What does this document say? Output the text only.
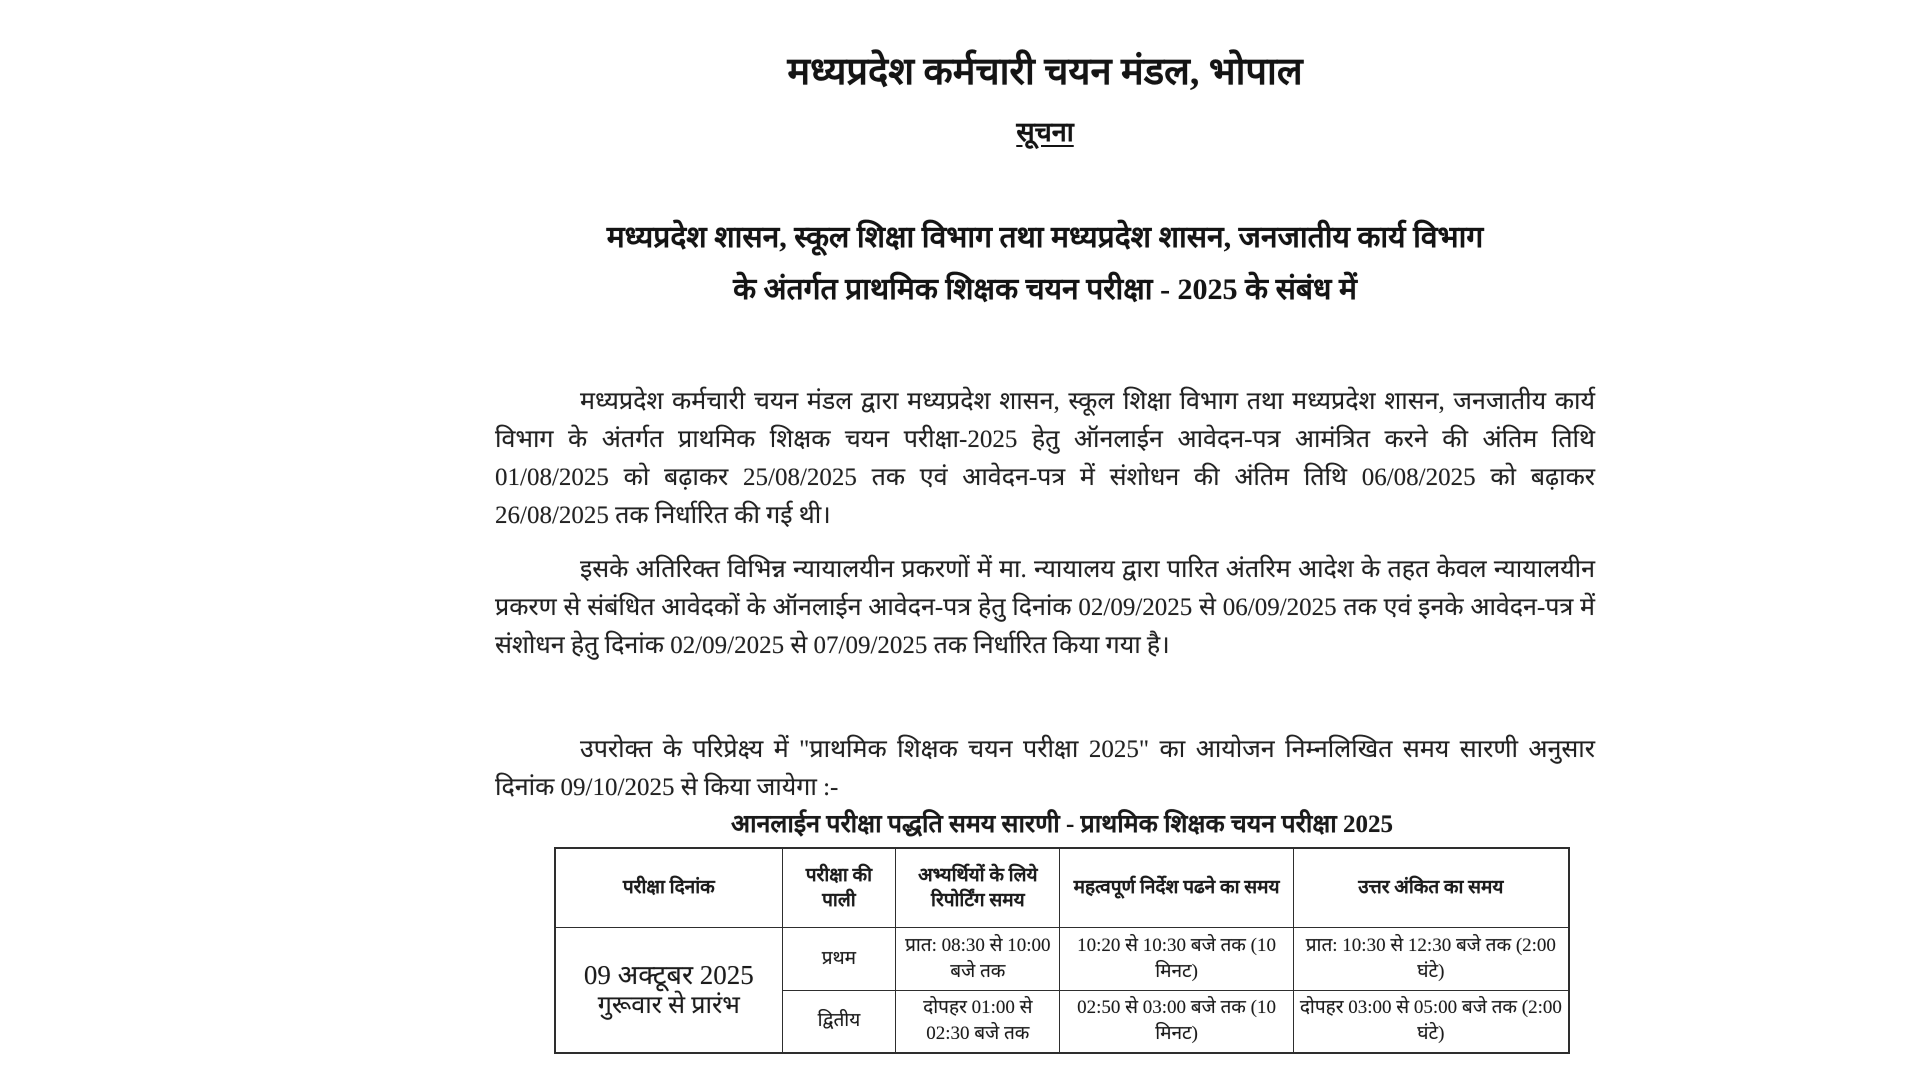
मध्यप्रदेश कर्मचारी चयन मंडल, भोपाल
सूचना
मध्यप्रदेश शासन, स्कूल शिक्षा विभाग तथा मध्यप्रदेश शासन, जनजातीय कार्य विभाग
के अंतर्गत प्राथमिक शिक्षक चयन परीक्षा - 2025 के संबंध में

मध्यप्रदेश कर्मचारी चयन मंडल द्वारा मध्यप्रदेश शासन, स्कूल शिक्षा विभाग तथा मध्यप्रदेश शासन, जनजातीय कार्य विभाग के अंतर्गत प्राथमिक शिक्षक चयन परीक्षा-2025 हेतु ऑनलाईन आवेदन-पत्र आमंत्रित करने की अंतिम तिथि 01/08/2025 को बढ़ाकर 25/08/2025 तक एवं आवेदन-पत्र में संशोधन की अंतिम तिथि 06/08/2025 को बढ़ाकर 26/08/2025 तक निर्धारित की गई थी।

इसके अतिरिक्त विभिन्न न्यायालयीन प्रकरणों में मा. न्यायालय द्वारा पारित अंतरिम आदेश के तहत केवल न्यायालयीन प्रकरण से संबंधित आवेदकों के ऑनलाईन आवेदन-पत्र हेतु दिनांक 02/09/2025 से 06/09/2025 तक एवं इनके आवेदन-पत्र में संशोधन हेतु दिनांक 02/09/2025 से 07/09/2025 तक निर्धारित किया गया है।

उपरोक्त के परिप्रेक्ष्य में "प्राथमिक शिक्षक चयन परीक्षा 2025" का आयोजन निम्नलिखित समय सारणी अनुसार दिनांक 09/10/2025 से किया जायेगा :-

आनलाईन परीक्षा पद्धति समय सारणी - प्राथमिक शिक्षक चयन परीक्षा 2025
परीक्षा दिनांक	परीक्षा की पाली	अभ्यर्थियों के लिये रिपोर्टिंग समय	महत्वपूर्ण निर्देश पढने का समय	उत्तर अंकित का समय

09 अक्टूबर 2025
गुरूवार से प्रारंभ	प्रथम	प्रात: 08:30 से 10:00 बजे तक	10:20 से 10:30 बजे तक (10 मिनट)	प्रात: 10:30 से 12:30 बजे तक (2:00 घंटे)
	द्वितीय	दोपहर 01:00 से 02:30 बजे तक	02:50 से 03:00 बजे तक (10 मिनट)	दोपहर 03:00 से 05:00 बजे तक (2:00 घंटे)
